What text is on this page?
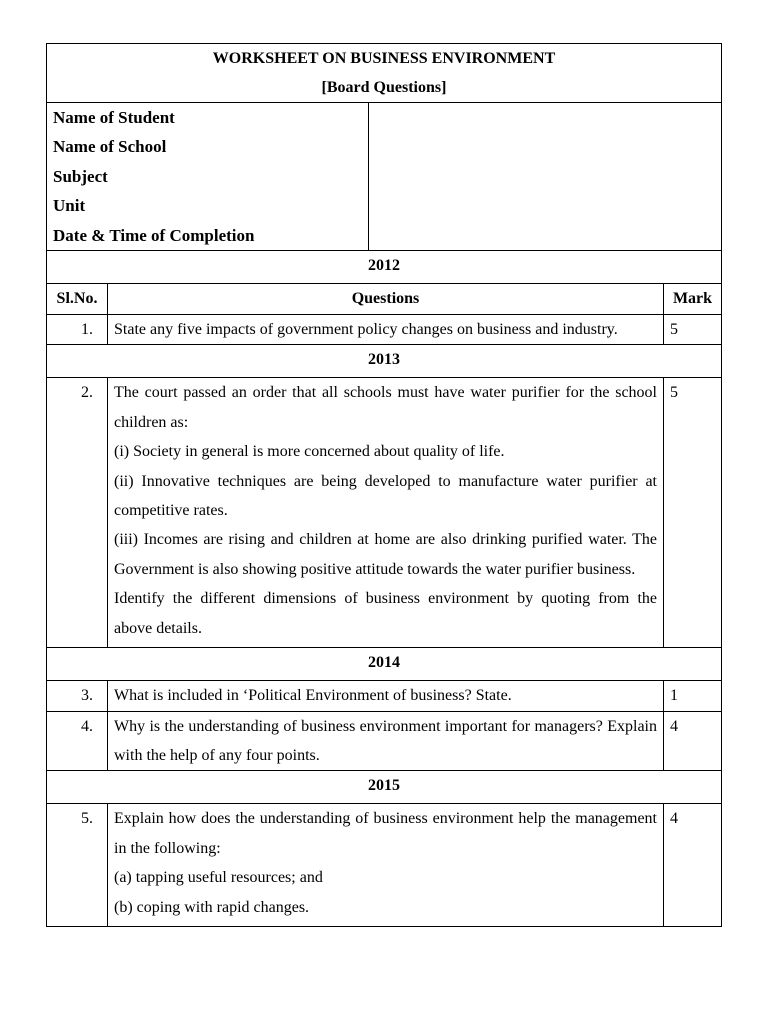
WORKSHEET ON BUSINESS ENVIRONMENT
[Board Questions]			

Name of Student
Name of School
Subject
Unit
Date & Time of Completion			

2012			
Sl.No.	Questions		Mark
1.	State any five impacts of government policy changes on business and industry.		5
2013			
2.	The court passed an order that all schools must have water purifier for the school children as:
(i) Society in general is more concerned about quality of life.
(ii) Innovative techniques are being developed to manufacture water purifier at competitive rates.
(iii) Incomes are rising and children at home are also drinking purified water. The Government is also showing positive attitude towards the water purifier business.
Identify the different dimensions of business environment by quoting from the above details.		5
2014			
3.	What is included in ‘Political Environment of business? State.		1
4.	Why is the understanding of business environment important for managers? Explain with the help of any four points.		4
2015			
5.	Explain how does the understanding of business environment help the management in the following:
(a) tapping useful resources; and
(b) coping with rapid changes.		4
